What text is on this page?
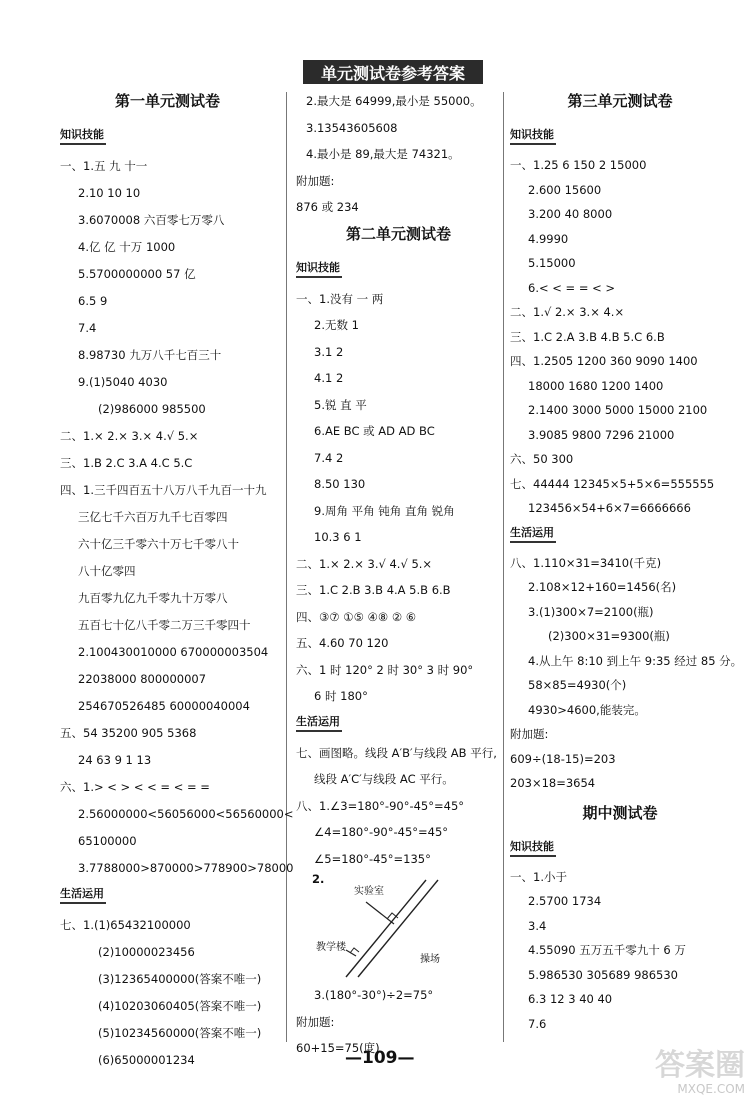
单元测试卷参考答案
第一单元测试卷
知识技能
一、1.五 九 十一
2.10 10 10
3.6070008 六百零七万零八
4.亿 亿 十万 1000
5.5700000000 57 亿
6.5 9
7.4
8.98730 九万八千七百三十
9.(1)5040 4030
(2)986000 985500
二、1.× 2.× 3.× 4.√ 5.×
三、1.B 2.C 3.A 4.C 5.C
四、1.三千四百五十八万八千九百一十九
三亿七千六百万九千七百零四
六十亿三千零六十万七千零八十
八十亿零四
九百零九亿九千零九十万零八
五百七十亿八千零二万三千零四十
2.100430010000 670000003504
22038000 800000007
254670526485 60000040004
五、54 35200 905 5368
24 63 9 1 13
六、1.> < > < < = < = =
2.56000000<56056000<56560000<
65100000
3.7788000>870000>778900>78000
生活运用
七、1.(1)65432100000
(2)10000023456
(3)12365400000(答案不唯一)
(4)10203060405(答案不唯一)
(5)10234560000(答案不唯一)
(6)65000001234
2.最大是 64999,最小是 55000。
3.13543605608
4.最小是 89,最大是 74321。
附加题:
876 或 234
第二单元测试卷
知识技能
一、1.没有 一 两
2.无数 1
3.1 2
4.1 2
5.锐 直 平
6.AE BC 或 AD AD BC
7.4 2
8.50 130
9.周角 平角 钝角 直角 锐角
10.3 6 1
二、1.× 2.× 3.√ 4.√ 5.×
三、1.C 2.B 3.B 4.A 5.B 6.B
四、③⑦ ①⑤ ④⑧ ② ⑥
五、4.60 70 120
六、1 时 120° 2 时 30° 3 时 90°
6 时 180°
生活运用
七、画图略。线段 A′B′与线段 AB 平行,
线段 A′C′与线段 AC 平行。
八、1.∠3=180°-90°-45°=45°
∠4=180°-90°-45°=45°
∠5=180°-45°=135°
2.
实验室
教学楼
操场
3.(180°-30°)÷2=75°
附加题:
60+15=75(度)
第三单元测试卷
知识技能
一、1.25 6 150 2 15000
2.600 15600
3.200 40 8000
4.9990
5.15000
6.< < = = < >
二、1.√ 2.× 3.× 4.×
三、1.C 2.A 3.B 4.B 5.C 6.B
四、1.2505 1200 360 9090 1400
18000 1680 1200 1400
2.1400 3000 5000 15000 2100
3.9085 9800 7296 21000
六、50 300
七、44444 12345×5+5×6=555555
123456×54+6×7=6666666
生活运用
八、1.110×31=3410(千克)
2.108×12+160=1456(名)
3.(1)300×7=2100(瓶)
(2)300×31=9300(瓶)
4.从上午 8:10 到上午 9:35 经过 85 分。
58×85=4930(个)
4930>4600,能装完。
附加题:
609÷(18-15)=203
203×18=3654
期中测试卷
知识技能
一、1.小于
2.5700 1734
3.4
4.55090 五万五千零九十 6 万
5.986530 305689 986530
6.3 12 3 40 40
7.6
—109—	答案圈
MXQE.COM
